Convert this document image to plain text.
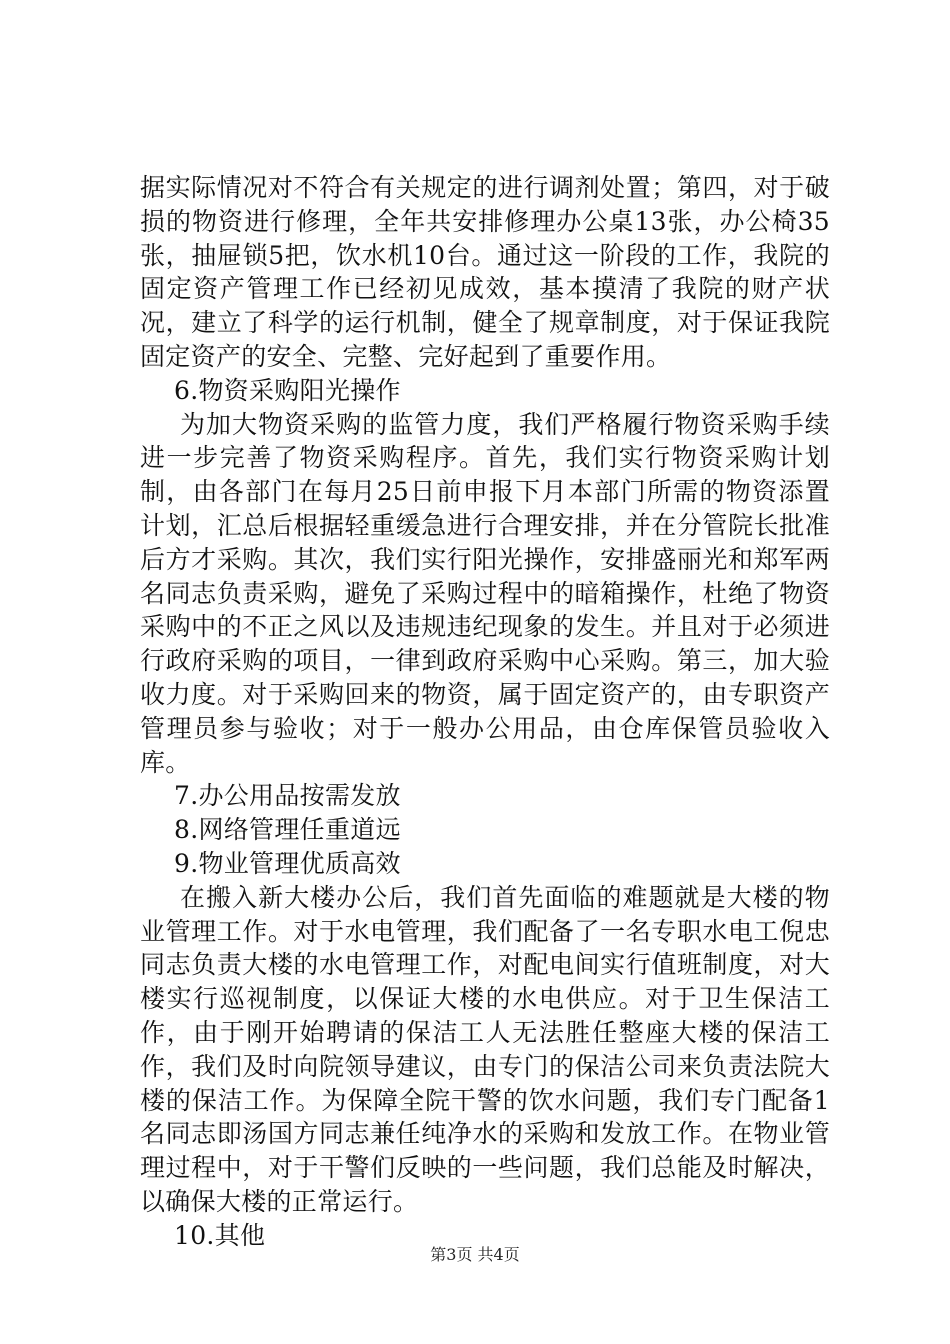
据实际情况对不符合有关规定的进行调剂处置；第四，对于破损的物资进行修理，全年共安排修理办公桌13张，办公椅35张，抽屉锁5把，饮水机10台。通过这一阶段的工作，我院的固定资产管理工作已经初见成效，基本摸清了我院的财产状况，建立了科学的运行机制，健全了规章制度，对于保证我院固定资产的安全、完整、完好起到了重要作用。

6.物资采购阳光操作

为加大物资采购的监管力度，我们严格履行物资采购手续进一步完善了物资采购程序。首先，我们实行物资采购计划制，由各部门在每月25日前申报下月本部门所需的物资添置计划，汇总后根据轻重缓急进行合理安排，并在分管院长批准后方才采购。其次，我们实行阳光操作，安排盛丽光和郑军两名同志负责采购，避免了采购过程中的暗箱操作，杜绝了物资采购中的不正之风以及违规违纪现象的发生。并且对于必须进行政府采购的项目，一律到政府采购中心采购。第三，加大验收力度。对于采购回来的物资，属于固定资产的，由专职资产管理员参与验收；对于一般办公用品，由仓库保管员验收入库。

7.办公用品按需发放

8.网络管理任重道远

9.物业管理优质高效

在搬入新大楼办公后，我们首先面临的难题就是大楼的物业管理工作。对于水电管理，我们配备了一名专职水电工倪忠同志负责大楼的水电管理工作，对配电间实行值班制度，对大楼实行巡视制度，以保证大楼的水电供应。对于卫生保洁工作，由于刚开始聘请的保洁工人无法胜任整座大楼的保洁工作，我们及时向院领导建议，由专门的保洁公司来负责法院大楼的保洁工作。为保障全院干警的饮水问题，我们专门配备1名同志即汤国方同志兼任纯净水的采购和发放工作。在物业管理过程中，对于干警们反映的一些问题，我们总能及时解决，以确保大楼的正常运行。

10.其他

第3页 共4页
